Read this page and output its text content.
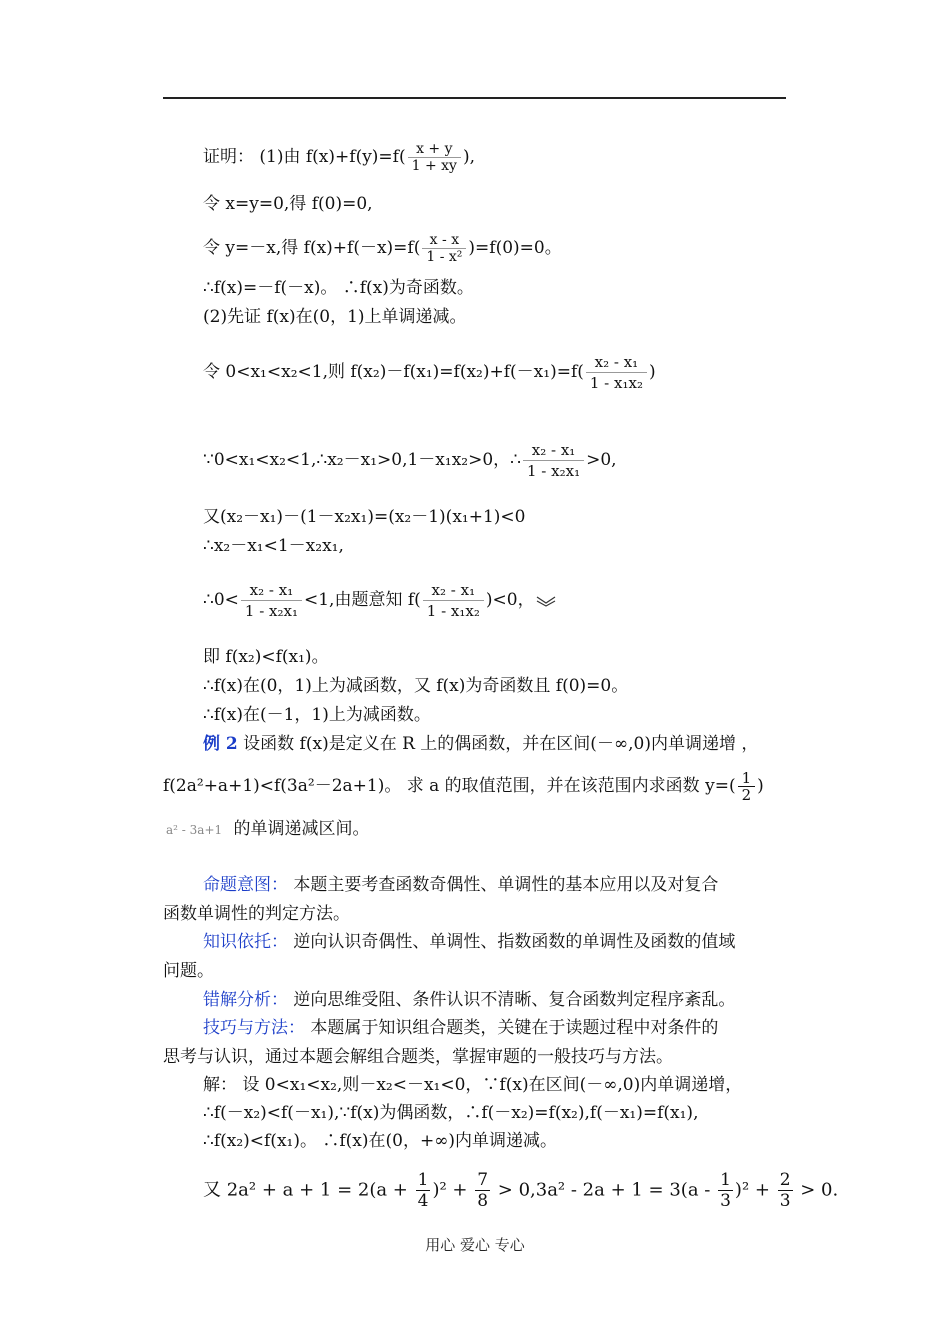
证明： (1)由 $f(x)+f(y)=f( \frac{x + y}{1 + xy}$ ),
令 x=y=0,得 f(0)=0,
令 y=－x,得 $f(x)+f(-x)=f( \frac{x - x}{\text{1 - x²}} )=f(0)=0$。
∴f(x)=－f(－x)。 ∴f(x)为奇函数。
(2)先证 f(x)在(0，1)上单调递减。
令 0<x₁<x₂<1,则 $f(x_2)-f(x_1)=f(x_2)+f(-x_1)=f( \frac{\text{x₂ - x₁}}{\text{1 - x₁x₂}}$ )
∵0<x₁<x₂<1,∴x₂－x₁>0,1－x₁x₂>0，∴ $\frac{\text{x₂ - x₁}}{\text{1 - x₂x₁}} >0$,
又(x₂－x₁)－(1－x₂x₁)=(x₂－1)(x₁+1)<0
∴x₂－x₁<1－x₂x₁,
∴0< $\frac{\text{x₂ - x₁}}{\text{1 - x₂x₁}} <1$,由题意知 $f( \frac{\text{x₂ - x₁}}{\text{1 - x₁x₂}} )<0$，
即 f(x₂)<f(x₁)。
∴f(x)在(0，1)上为减函数，又 f(x)为奇函数且 f(0)=0。
∴f(x)在(－1，1)上为减函数。
例 2 设函数 f(x)是定义在 R 上的偶函数，并在区间(－∞,0)内单调递增 ，
f(2a²+a+1)<f(3a²－2a+1)。 求 a 的取值范围，并在该范围内求函数 $y=( \frac{1}{2}$ )
a² - 3a+1 的单调递减区间。
命题意图： 本题主要考查函数奇偶性、单调性的基本应用以及对复合
函数单调性的判定方法。
知识依托： 逆向认识奇偶性、单调性、指数函数的单调性及函数的值域
问题。
错解分析： 逆向思维受阻、条件认识不清晰、复合函数判定程序紊乱。
技巧与方法： 本题属于知识组合题类，关键在于读题过程中对条件的
思考与认识，通过本题会解组合题类，掌握审题的一般技巧与方法。
解： 设 0<x₁<x₂,则－x₂<－x₁<0，∵f(x)在区间(－∞,0)内单调递增，
∴f(－x₂)<f(－x₁),∵f(x)为偶函数，∴f(－x₂)=f(x₂),f(－x₁)=f(x₁),
∴f(x₂)<f(x₁)。 ∴f(x)在(0，+∞)内单调递减。
又 $2a^2 + a + 1 = 2(a + \frac{1}{4} )^2 + \frac{7}{8} > 0,3a^2 - 2a + 1 = 3(a - \frac{1}{3} )^2 + \frac{2}{3} > 0$.
用心 爱心 专心
